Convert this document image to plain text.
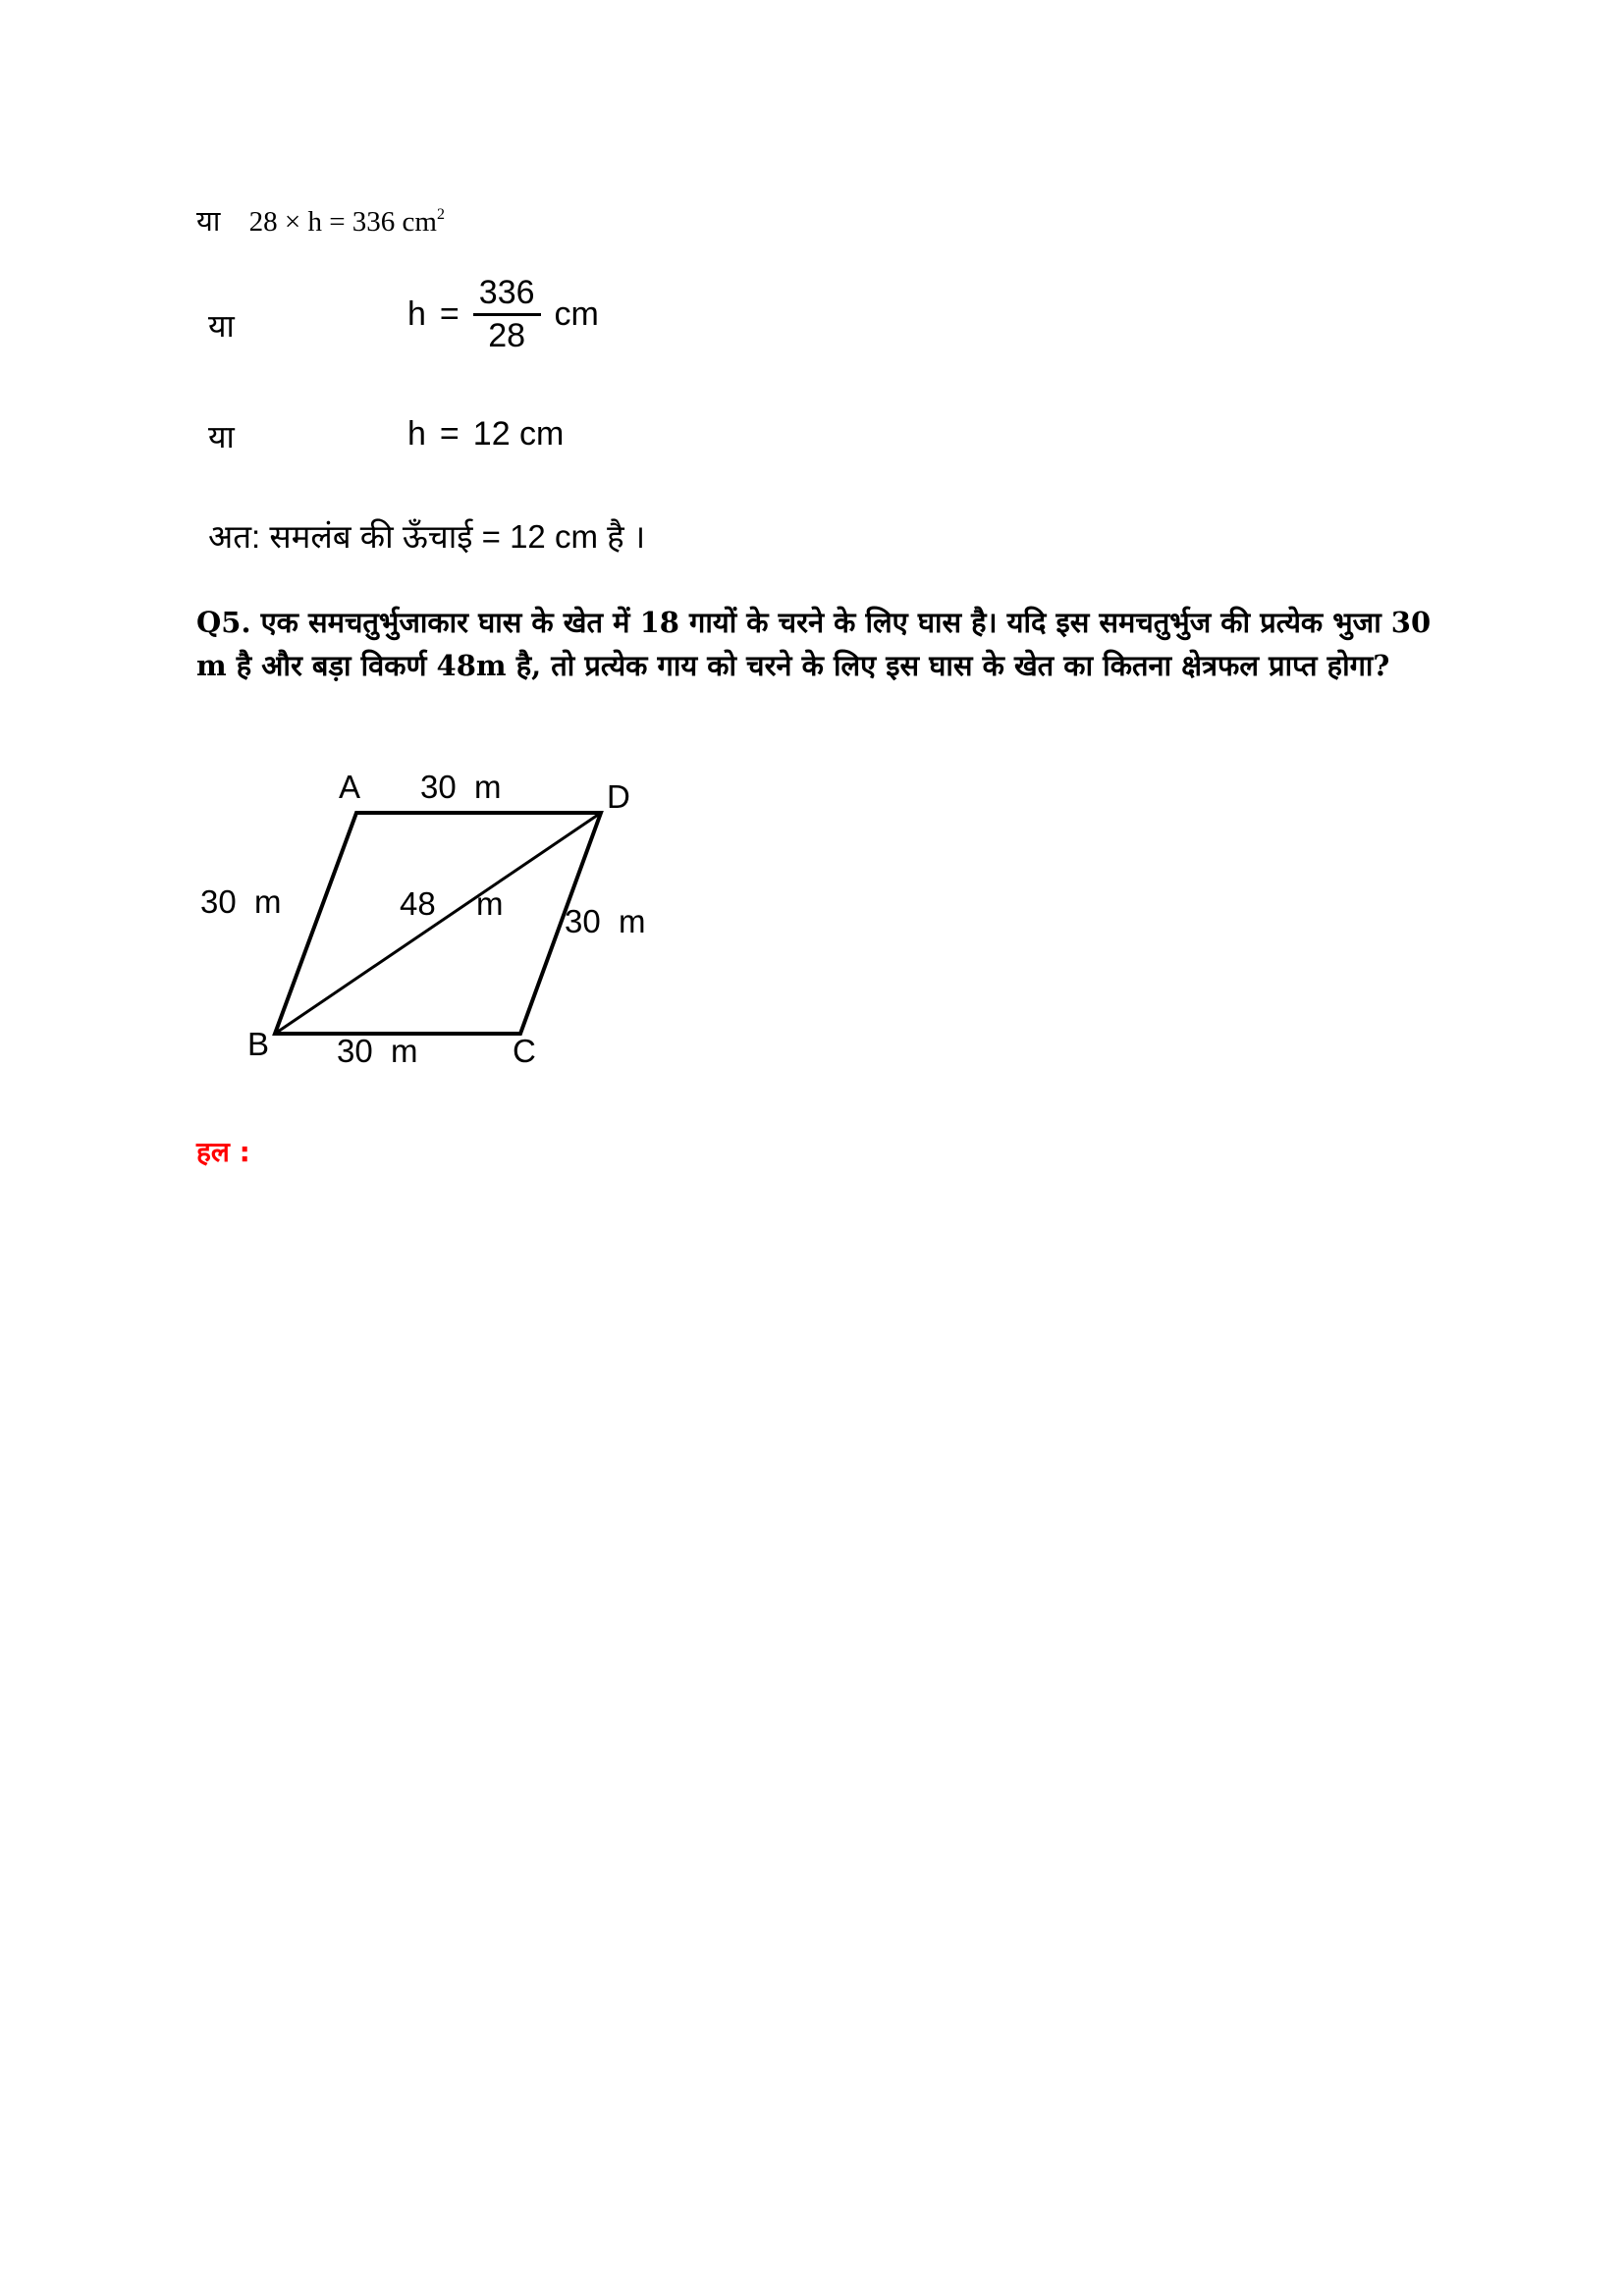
या 28 × h = 336 $cm^2$
या	$h = \frac{336}{28}$ cm
या	h = 12 cm
अत: समलंब की ऊँचाई = 12 cm है ।
Q5. एक समचतुर्भुजाकार घास के खेत में 18 गायों के चरने के लिए घास है। यदि इस समचतुर्भुज की प्रत्येक भुजा 30 m है और बड़ा विकर्ण 48m है, तो प्रत्येक गाय को चरने के लिए इस घास के खेत का कितना क्षेत्रफल प्राप्त होगा?
A	D
B	C
30  m
30  m
30  m
30  m
48 m
हल :
